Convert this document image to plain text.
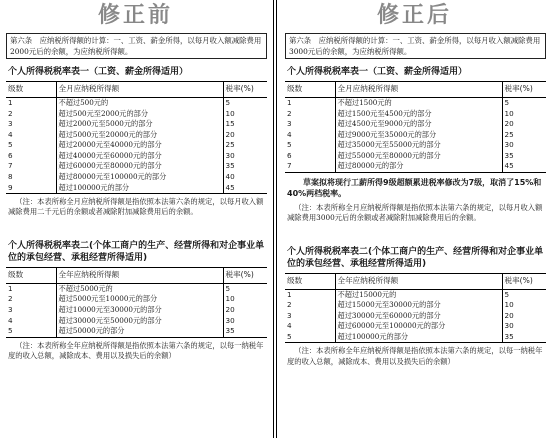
修正前
第六条　应纳税所得额的计算：一、工资、薪金所得，以每月收入额减除费用2000元后的余额，为应纳税所得额。
个人所得税税率表一（工资、薪金所得适用）
级数	全月应纳税所得额	税率(%)
1	不超过500元的	5
2	超过500元至2000元的部分	10
3	超过2000元至5000元的部分	15
4	超过5000元至20000元的部分	20
5	超过20000元至40000元的部分	25
6	超过40000元至60000元的部分	30
7	超过60000元至80000元的部分	35
8	超过80000元至100000元的部分	40
9	超过100000元的部分	45
（注：本表所称全月应纳税所得额是指依照本法第六条的规定，以每月收入额减除费用二千元后的余额或者减除附加减除费用后的余额。
个人所得税税率表二(个体工商户的生产、经营所得和对企事业单位的承包经营、承租经营所得适用)
级数	全年应纳税所得额	税率(%)
1	不超过5000元的	5
2	超过5000元至10000元的部分	10
3	超过10000元至30000元的部分	20
4	超过30000元至50000元的部分	30
5	超过50000元的部分	35
（注：本表所称全年应纳税所得额是指依照本法第六条的规定，以每一纳税年度的收入总额，减除成本、费用以及损失后的余额）
修正后
第六条　应纳税所得额的计算：一、工资、薪金所得，以每月收入额减除费用3000元后的余额，为应纳税所得额。
个人所得税税率表一（工资、薪金所得适用）
级数	全月应纳税所得额	税率(%)
1	不超过1500元的	5
2	超过1500元至4500元的部分	10
3	超过4500元至9000元的部分	20
4	超过9000元至35000元的部分	25
5	超过35000元至55000元的部分	30
6	超过55000元至80000元的部分	35
7	超过80000元的部分	45
草案拟将现行工薪所得9级超额累进税率修改为7级，取消了15%和40%两档税率。
（注：本表所称全月应纳税所得额是指依照本法第六条的规定，以每月收入额减除费用3000元后的余额或者减除附加减除费用后的余额。
个人所得税税率表二(个体工商户的生产、经营所得和对企事业单位的承包经营、承租经营所得适用)
级数	全年应纳税所得额	税率(%)
1	不超过15000元的	5
2	超过15000元至30000元的部分	10
3	超过30000元至60000元的部分	20
4	超过60000元至100000元的部分	30
5	超过100000元的部分	35
（注：本表所称全年应纳税所得额是指依照本法第六条的规定，以每一纳税年度的收入总额，减除成本、费用以及损失后的余额）
